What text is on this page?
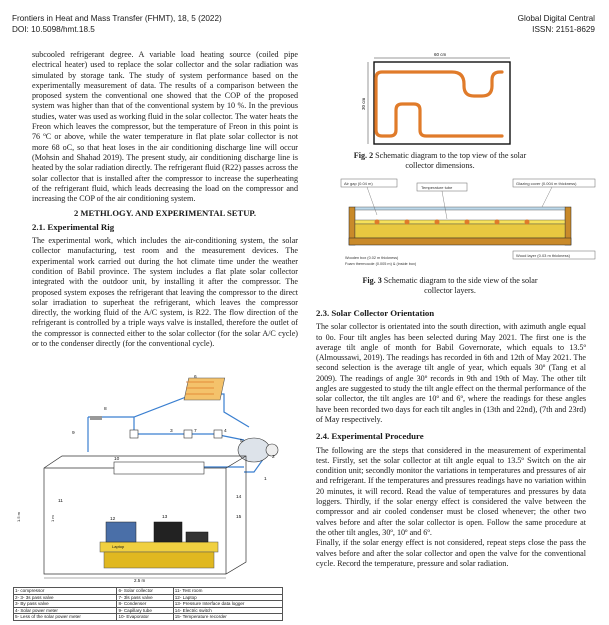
Frontiers in Heat and Mass Transfer (FHMT), 18, 5 (2022)
DOI: 10.5098/hmt.18.5
Global Digital Central
ISSN: 2151-8629

subcooled refrigerant degree. A variable load heating source (coiled pipe electrical heater) used to replace the solar collector and the solar radiation was simulated by storage tank. The study of system performance based on the experimentally measurement of data. The results of a comparison between the proposed system the conventional one showed that the COP of the proposed system was higher than that of the conventional system by 10 %. In the previous studies, water was used as working fluid in the solar collector. The water heats the Freon which leaves the compressor, but the temperature of Freon in this point is 76 ºC or above, while the water temperature in flat plate solar collector is not more 68 oC, so that heat loses in the air conditioning discharge line will occur (Mohsin and Shahad 2019). The present study, air conditioning discharge line is heated by the solar radiation directly. The refrigerant fluid (R22) passes across the solar collector that is installed after the compressor to increase the superheating of the refrigerant fluid, which leads decreasing the load on the compressor and increasing the COP of the air conditioning system.

2 METHLOGY. AND EXPERIMENTAL SETUP.
2.1. Experimental Rig

The experimental work, which includes the air-conditioning system, the solar collector manufacturing, test room and the measurement devices. The experimental work carried out during the hot climate time under the weather condition of Babil province. The system includes a flat plate solar collector integrated with the outdoor unit, by installing it after the compressor. The proposed system exposes the refrigerant that leaving the compressor to the direct solar irradiation to superheat the refrigerant, which leaves the compressor directly, the working fluid of the A/C system, is R22. The flow direction of the refrigerant is controlled by a triple ways valve is installed, therefore the outlet of the compressor is connected either to the solar collector (for the solar A/C cycle) or to the condenser directly (for the conventional cycle).

Laptop
1.5 m	1 m
2.5 m
8
9
6
2
1
5
3	4
7
10
11
12	13
14
15
1- compressor	6- Solar collector	11- Test room
2- 3- 3s pass valve	7- 3ls pass valve	12- Laptop
3- By pass valve	8- Condenser	13- Pressure Interface data logger
4- Solar power meter	9- Capillary tube	14- Electric switch
5- Less of the solar power meter	10- Evaporator	15- Temperature recorder
60 cm
30 cm
Fig. 2 Schematic diagram to the top view of the solar collector dimensions.
Air gap (0.04 m)
Temperature tube
Glazing cover (0.004 m thickness)
Wood layer (0.03 m thickness)
Wooden box (0.02 m thickness)
Foam thermocole (0.005 m) & (inside box)
Fig. 3 Schematic diagram to the side view of the solar collector layers.
2.3. Solar Collector Orientation

The solar collector is orientated into the south direction, with azimuth angle equal to 0o. Four tilt angles has been selected during May 2021. The first one is the average tilt angle of month for Babil Governorate, which equals to 13.5º (Almoussawi, 2019). The readings has recorded in 6th and 12th of May 2021. The second selection is the average tilt angle of year, which equals 30º (Tang et al 2009). The readings of angle 30º records in 9th and 19th of May. The other tilt angles are suggested to study the tilt angle effect on the thermal performance of the solar collector, the tilt angles are 10º and 6º, where the readings for these angles have been recorded two days for each tilt angles in (13th and 22nd), (7th and 23rd) of May respectively.

2.4. Experimental Procedure

The following are the steps that considered in the measurement of experimental test. Firstly, set the solar collector at tilt angle equal to 13.5º Switch on the air condition unit; secondly monitor the variations in temperatures and pressures of air and refrigerant. If the temperatures and pressures readings have no variation within 20 minutes, it will record. Read the value of temperatures and pressures by data loggers. Thirdly, if the solar energy effect is considered the valve between the compressor and air cooled condenser must be closed whenever; the other two valves before and after the solar collector is open. Follow the same procedure at the other tilt angles, 30º, 10º and 6º.

Finally, if the solar energy effect is not considered, repeat steps close the pass the valves before and after the solar collector and open the valve for the conventional cycle. Record the temperature, pressure and solar radiation.
